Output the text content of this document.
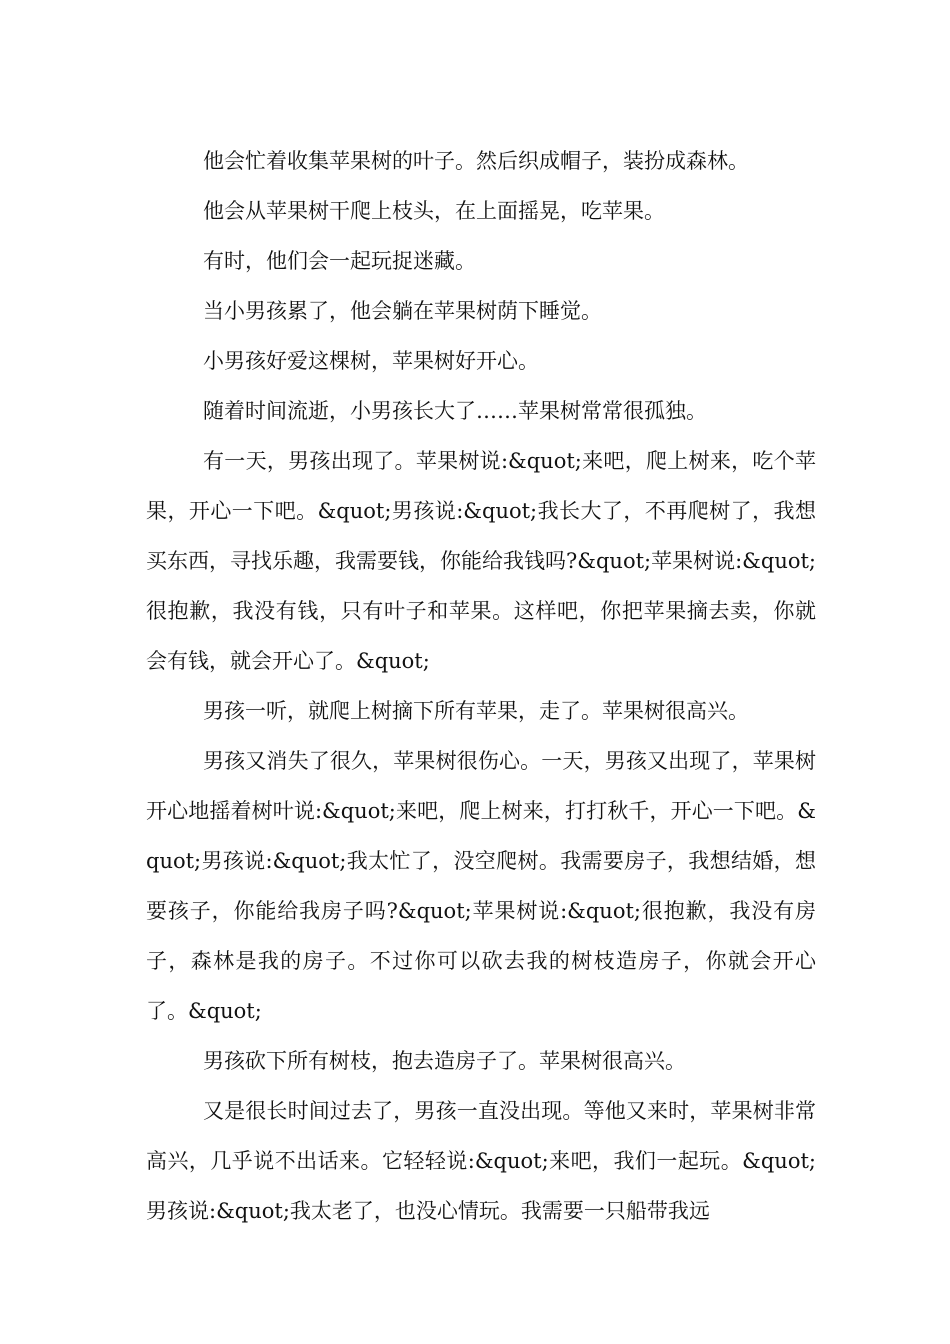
他会忙着收集苹果树的叶子。然后织成帽子，装扮成森林。

他会从苹果树干爬上枝头，在上面摇晃，吃苹果。

有时，他们会一起玩捉迷藏。

当小男孩累了，他会躺在苹果树荫下睡觉。

小男孩好爱这棵树，苹果树好开心。

随着时间流逝，小男孩长大了……苹果树常常很孤独。

有一天，男孩出现了。苹果树说:&quot;来吧，爬上树来，吃个苹果，开心一下吧。&quot;男孩说:&quot;我长大了，不再爬树了，我想买东西，寻找乐趣，我需要钱，你能给我钱吗?&quot;苹果树说:&quot;很抱歉，我没有钱，只有叶子和苹果。这样吧，你把苹果摘去卖，你就会有钱，就会开心了。&quot;

男孩一听，就爬上树摘下所有苹果，走了。苹果树很高兴。

男孩又消失了很久，苹果树很伤心。一天，男孩又出现了，苹果树开心地摇着树叶说:&quot;来吧，爬上树来，打打秋千，开心一下吧。&quot;男孩说:&quot;我太忙了，没空爬树。我需要房子，我想结婚，想要孩子，你能给我房子吗?&quot;苹果树说:&quot;很抱歉，我没有房子，森林是我的房子。不过你可以砍去我的树枝造房子，你就会开心了。&quot;

男孩砍下所有树枝，抱去造房子了。苹果树很高兴。

又是很长时间过去了，男孩一直没出现。等他又来时，苹果树非常高兴，几乎说不出话来。它轻轻说:&quot;来吧，我们一起玩。&quot;男孩说:&quot;我太老了，也没心情玩。我需要一只船带我远
